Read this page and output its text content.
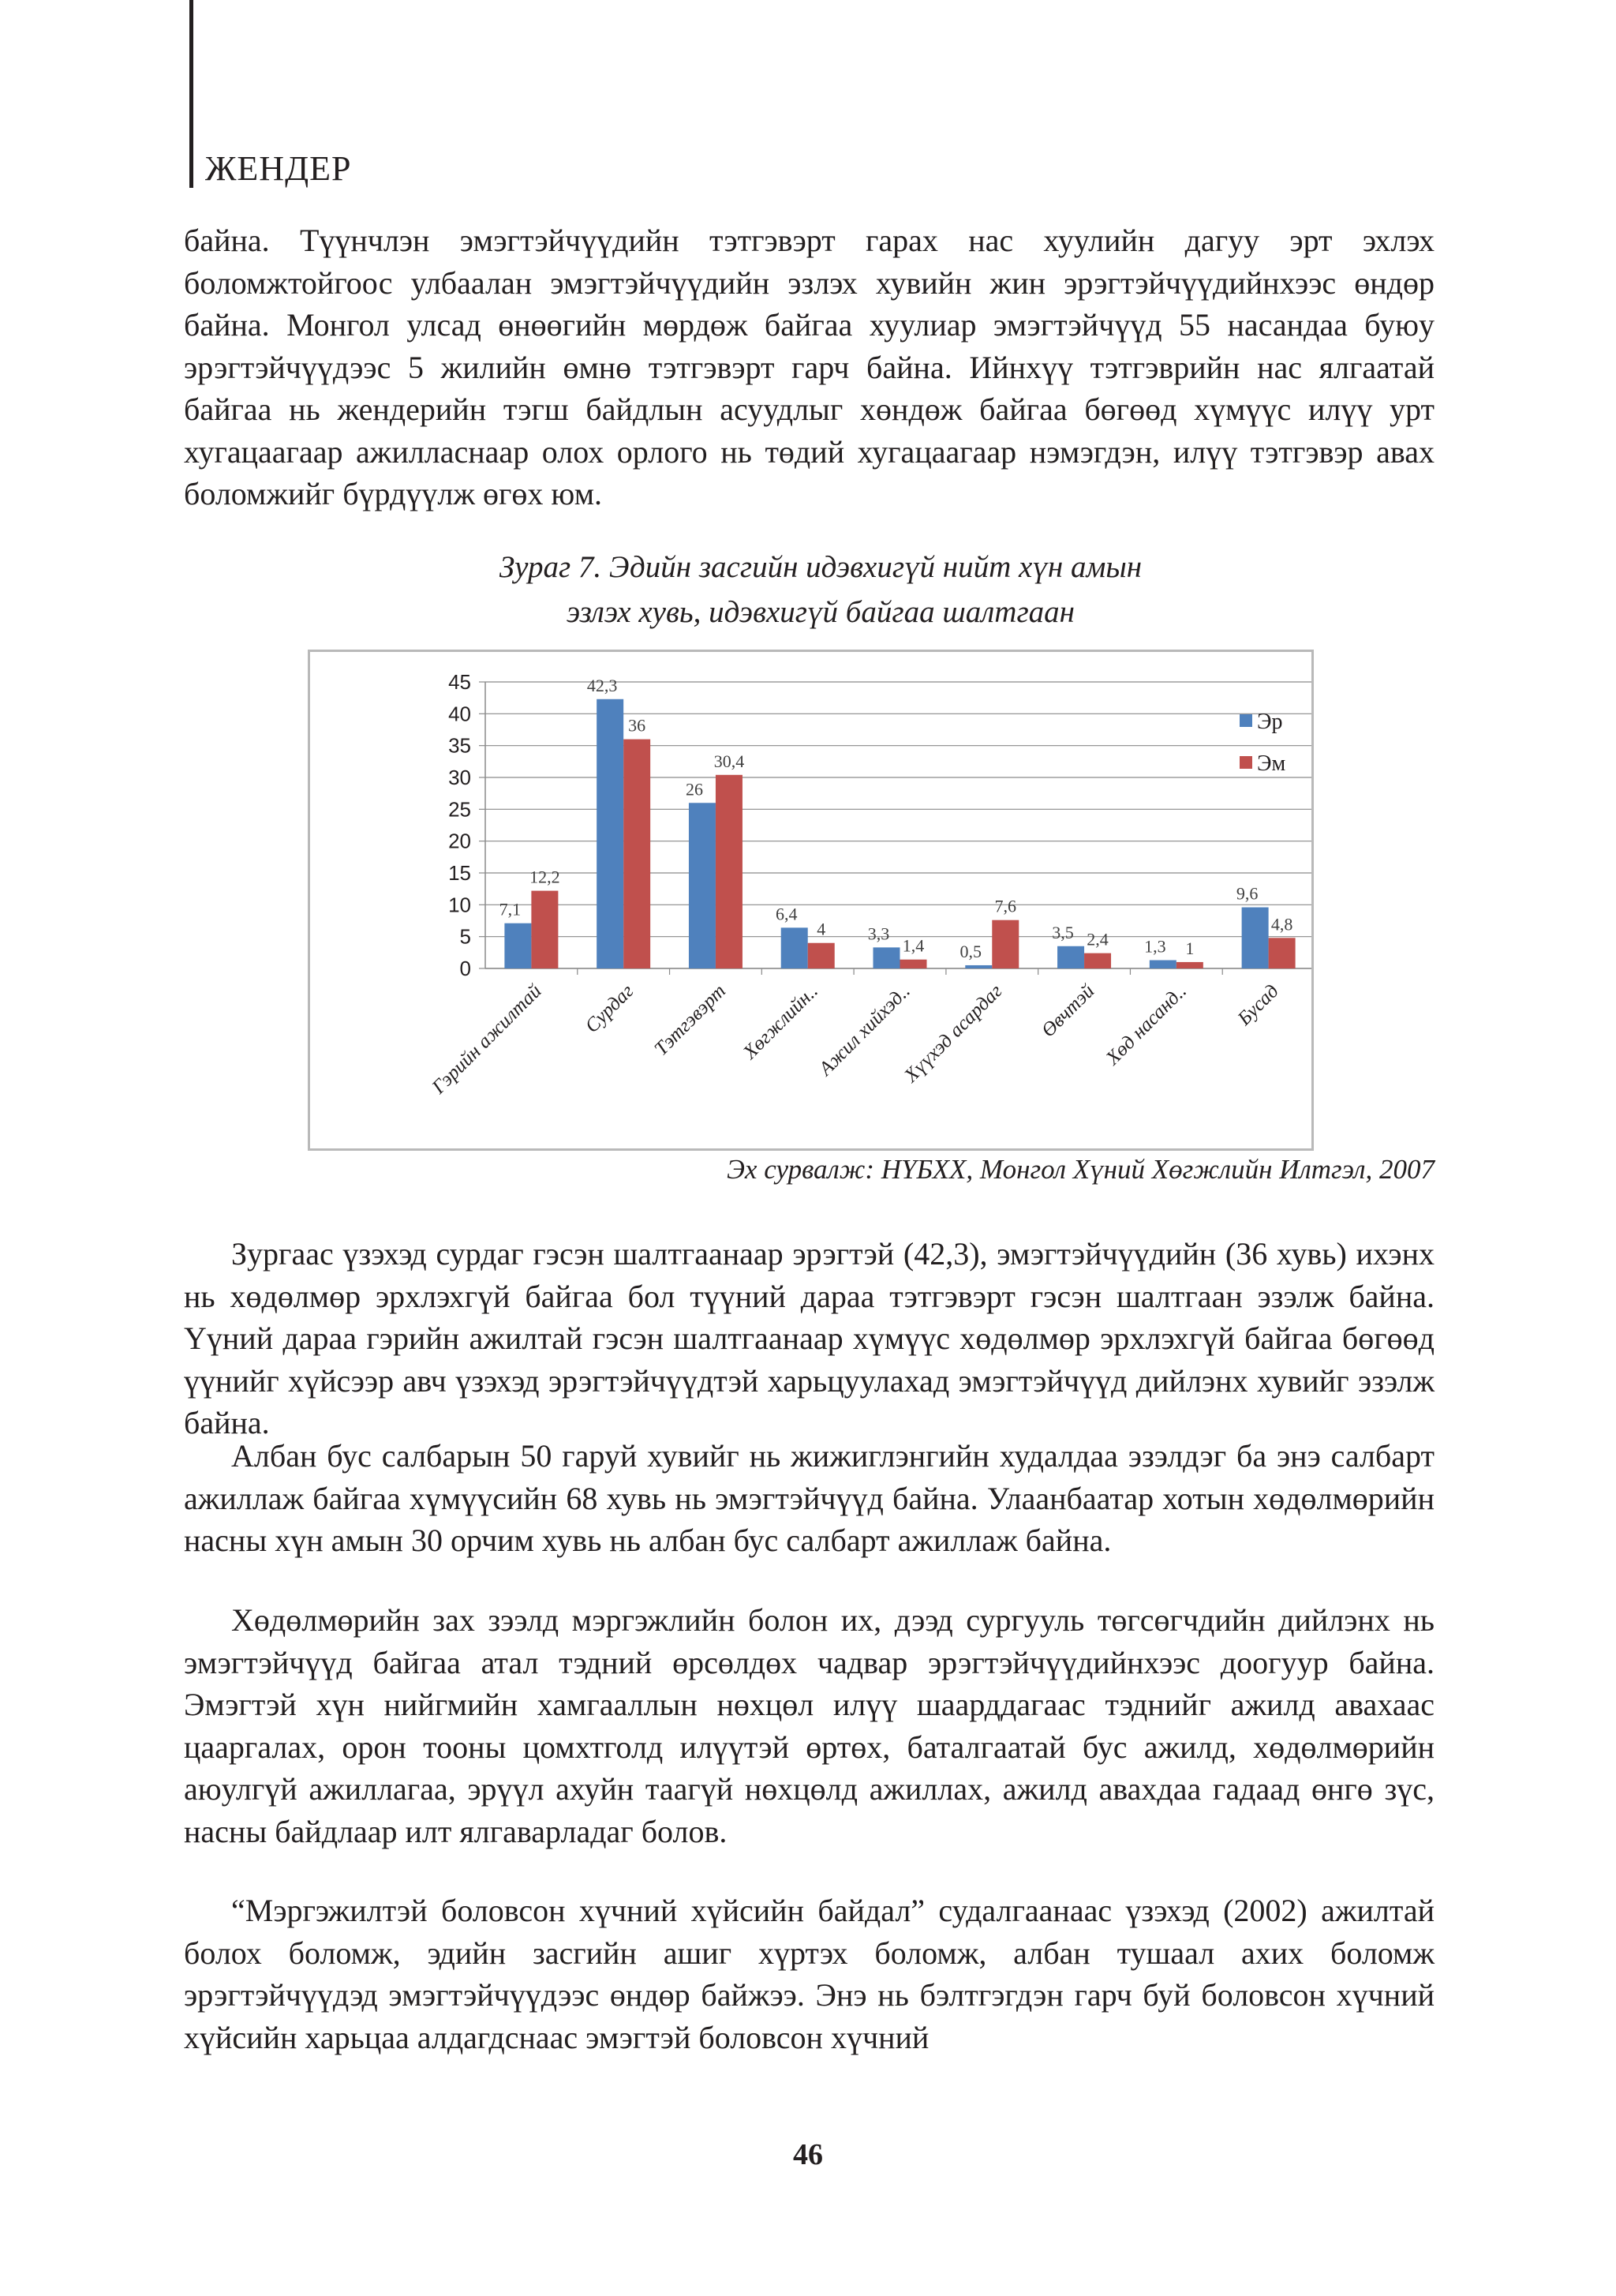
ЖЕНДЕР

байна. Түүнчлэн эмэгтэйчүүдийн тэтгэвэрт гарах нас хуулийн дагуу эрт эхлэх боломжтойгоос улбаалан эмэгтэйчүүдийн эзлэх хувийн жин эрэгтэйчүүдийнхээс өндөр байна. Монгол улсад өнөөгийн мөрдөж байгаа хуулиар эмэгтэйчүүд 55 насандаа буюу эрэгтэйчүүдээс 5 жилийн өмнө тэтгэвэрт гарч байна. Ийнхүү тэтгэврийн нас ялгаатай байгаа нь жендерийн тэгш байдлын асуудлыг хөндөж байгаа бөгөөд хүмүүс илүү урт хугацаагаар ажилласнаар олох орлого нь төдий хугацаагаар нэмэгдэн, илүү тэтгэвэр авах боломжийг бүрдүүлж өгөх юм.

Зураг 7. Эдийн засгийн идэвхигүй нийт хүн амын
эзлэх хувь, идэвхигүй байгаа шалтгаан

0
5
10
15
20
25
30
35
40
45
7,1
12,2
Гэрийн ажилтай
42,3
36
Сурдаг
26
30,4
Тэтгэвэрт
6,4
4
Хөгжлийн..
3,3
1,4
Ажил хийхэд..
0,5
7,6
Хүүхэд асардаг
3,5 2,4
Өвчтэй
1,3 1
Хөд насанд..
9,6
4,8
Бусад
Эр
Эм

Эх сурвалж: НҮБХХ, Монгол Хүний Хөгжлийн Илтгэл, 2007

Зургаас үзэхэд сурдаг гэсэн шалтгаанаар эрэгтэй (42,3), эмэгтэйчүүдийн (36 хувь) ихэнх нь хөдөлмөр эрхлэхгүй байгаа бол түүний дараа тэтгэвэрт гэсэн шалтгаан эзэлж байна. Үүний дараа гэрийн ажилтай гэсэн шалтгаанаар хүмүүс хөдөлмөр эрхлэхгүй байгаа бөгөөд үүнийг хүйсээр авч үзэхэд эрэгтэйчүүдтэй харьцуулахад эмэгтэйчүүд дийлэнх хувийг эзэлж байна.

Албан бус салбарын 50 гаруй хувийг нь жижиглэнгийн худалдаа эзэлдэг ба энэ салбарт ажиллаж байгаа хүмүүсийн 68 хувь нь эмэгтэйчүүд байна. Улаанбаатар хотын хөдөлмөрийн насны хүн амын 30 орчим хувь нь албан бус салбарт ажиллаж байна.

Хөдөлмөрийн зах зээлд мэргэжлийн болон их, дээд сургууль төгсөгчдийн дийлэнх нь эмэгтэйчүүд байгаа атал тэдний өрсөлдөх чадвар эрэгтэйчүүдийнхээс доогуур байна. Эмэгтэй хүн нийгмийн хамгааллын нөхцөл илүү шаарддагаас тэднийг ажилд авахаас цааргалах, орон тооны цомхтголд илүүтэй өртөх, баталгаатай бус ажилд, хөдөлмөрийн аюулгүй ажиллагаа, эрүүл ахуйн таагүй нөхцөлд ажиллах, ажилд авахдаа гадаад өнгө зүс, насны байдлаар илт ялгаварладаг болов.

“Мэргэжилтэй боловсон хүчний хүйсийн байдал” судалгаанаас үзэхэд (2002) ажилтай болох боломж, эдийн засгийн ашиг хүртэх боломж, албан тушаал ахих боломж эрэгтэйчүүдэд эмэгтэйчүүдээс өндөр байжээ. Энэ нь бэлтгэгдэн гарч буй боловсон хүчний хүйсийн харьцаа алдагдснаас эмэгтэй боловсон хүчний

46
